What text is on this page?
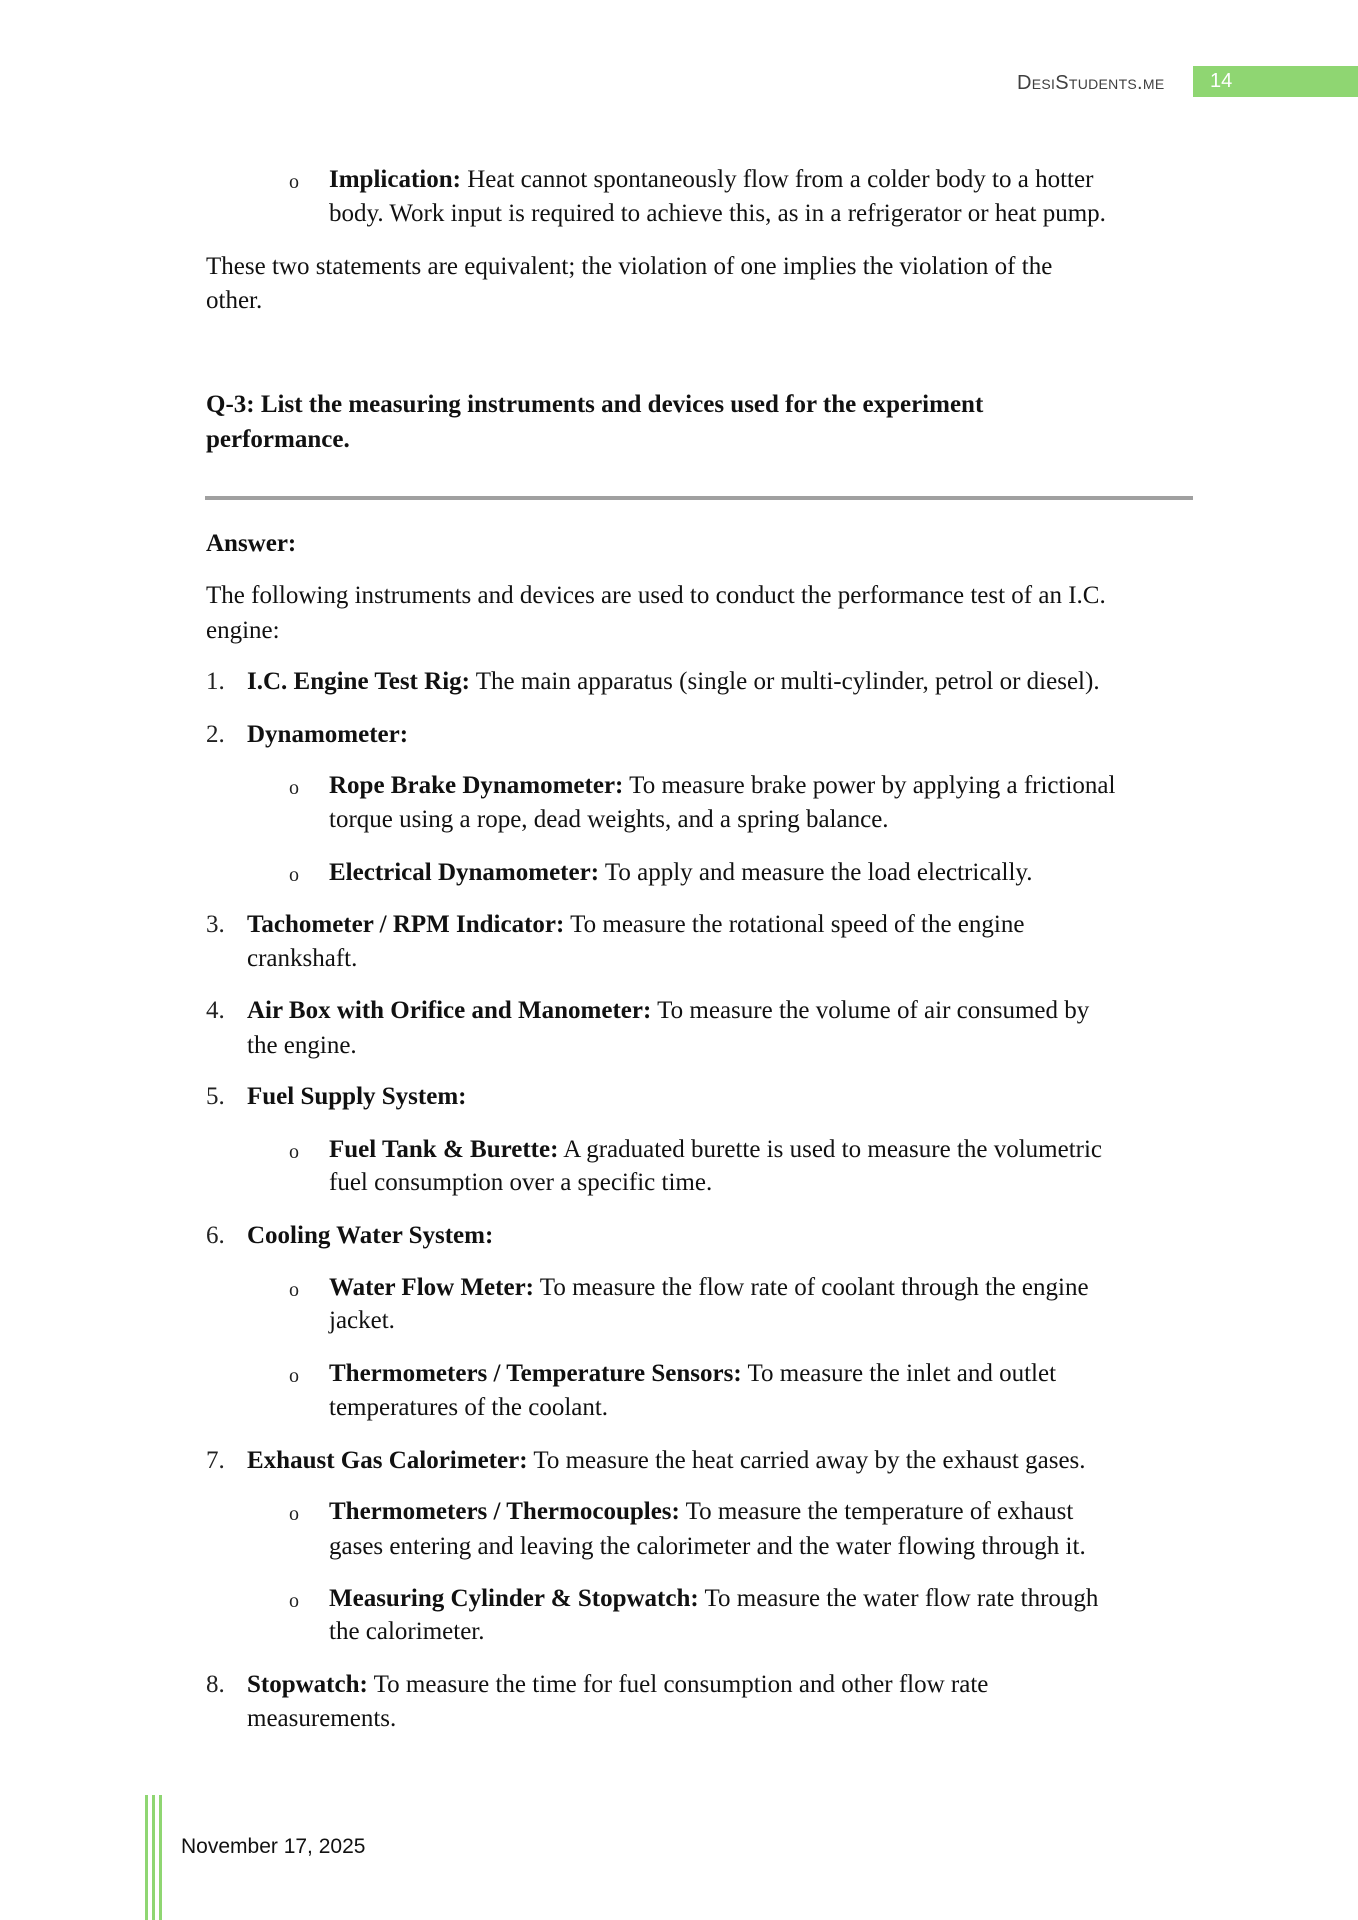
DesiStudents.me 14
o Implication: Heat cannot spontaneously flow from a colder body to a hotter
body. Work input is required to achieve this, as in a refrigerator or heat pump.
These two statements are equivalent; the violation of one implies the violation of the
other.
Q-3: List the measuring instruments and devices used for the experiment
performance.
Answer:
The following instruments and devices are used to conduct the performance test of an I.C.
engine:
1. I.C. Engine Test Rig: The main apparatus (single or multi-cylinder, petrol or diesel).
2. Dynamometer:
o Rope Brake Dynamometer: To measure brake power by applying a frictional
torque using a rope, dead weights, and a spring balance.
o Electrical Dynamometer: To apply and measure the load electrically.
3. Tachometer / RPM Indicator: To measure the rotational speed of the engine
crankshaft.
4. Air Box with Orifice and Manometer: To measure the volume of air consumed by
the engine.
5. Fuel Supply System:
o Fuel Tank & Burette: A graduated burette is used to measure the volumetric
fuel consumption over a specific time.
6. Cooling Water System:
o Water Flow Meter: To measure the flow rate of coolant through the engine
jacket.
o Thermometers / Temperature Sensors: To measure the inlet and outlet
temperatures of the coolant.
7. Exhaust Gas Calorimeter: To measure the heat carried away by the exhaust gases.
o Thermometers / Thermocouples: To measure the temperature of exhaust
gases entering and leaving the calorimeter and the water flowing through it.
o Measuring Cylinder & Stopwatch: To measure the water flow rate through
the calorimeter.
8. Stopwatch: To measure the time for fuel consumption and other flow rate
measurements.
November 17, 2025
